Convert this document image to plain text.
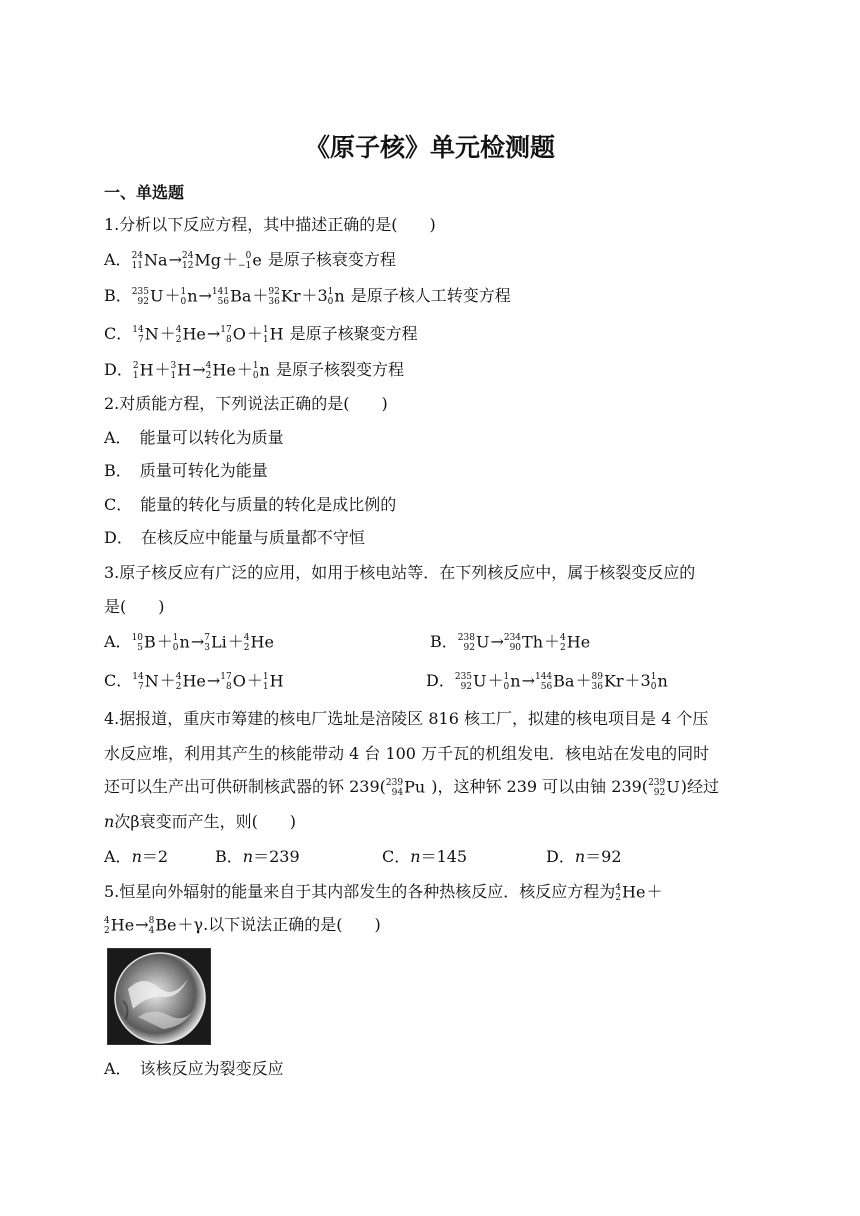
《原子核》单元检测题
一、单选题
1.分析以下反应方程，其中描述正确的是(　　)
A． 24
11 Na→ 24
12 Mg＋ 0
−1 e 是原子核衰变方程
B． 235
92 U＋ 1
0 n→ 141
56 Ba＋ 92
36 Kr＋3 1
0 n 是原子核人工转变方程
C． 14
7 N＋ 4
2 He→ 17
8 O＋ 1
1 H 是原子核聚变方程
D． 2
1 H＋ 3
1 H→ 4
2 He＋ 1
0 n 是原子核裂变方程
2.对质能方程，下列说法正确的是(　　)
A．　 能量可以转化为质量
B．　 质量可转化为能量
C．　 能量的转化与质量的转化是成比例的
D．　 在核反应中能量与质量都不守恒
3.原子核反应有广泛的应用，如用于核电站等．在下列核反应中，属于核裂变反应的
是(　　)
A． 10
5 B＋ 1
0 n→ 7
3 Li＋ 4
2 He	B． 238
92 U→ 234
90 Th＋ 4
2 He
C． 14
7 N＋ 4
2 He→ 17
8 O＋ 1
1 H	D． 235
92 U＋ 1
0 n→ 144
56 Ba＋ 89
36 Kr＋3 1
0 n
4.据报道，重庆市筹建的核电厂选址是涪陵区 816 核工厂，拟建的核电项目是 4 个压
水反应堆，利用其产生的核能带动 4 台 100 万千瓦的机组发电．核电站在发电的同时
还可以生产出可供研制核武器的钚 239( 239
94 Pu )，这种钚 239 可以由铀 239( 239
92 U)经过
n次β衰变而产生，则(　　)
A．n＝2	B．n＝239	C．n＝145	D．n＝92
5.恒星向外辐射的能量来自于其内部发生的各种热核反应．核反应方程为 4
2 He＋
4
2 He→ 8
4 Be＋γ.以下说法正确的是(　　)
A．　 该核反应为裂变反应
